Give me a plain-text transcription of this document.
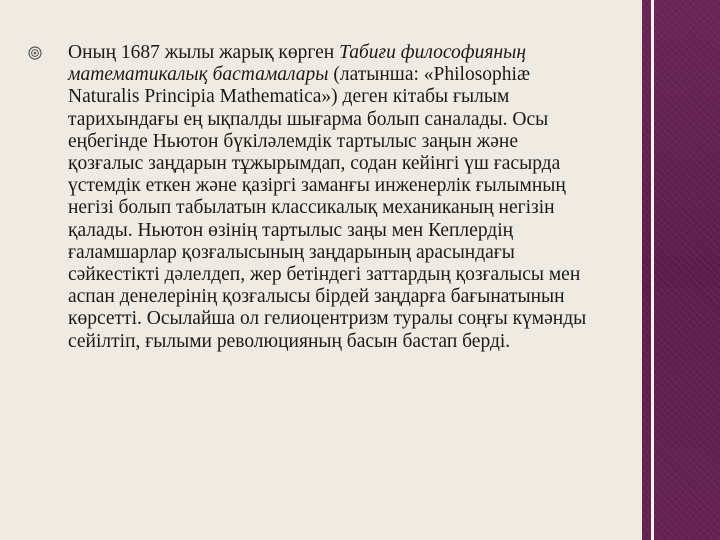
Оның 1687 жылы жарық көрген Табиғи философияның математикалық бастамалары (латынша: «Philosophiæ Naturalis Principia Mathematica») деген кітабы ғылым тарихындағы ең ықпалды шығарма болып саналады. Осы еңбегінде Ньютон бүкіләлемдік тартылыс заңын және қозғалыс заңдарын тұжырымдап, содан кейінгі үш ғасырда үстемдік еткен және қазіргі заманғы инженерлік ғылымның негізі болып табылатын классикалық механиканың негізін қалады. Ньютон өзінің тартылыс заңы мен Кеплердің ғаламшарлар қозғалысының заңдарының арасындағы сәйкестікті дәлелдеп, жер бетіндегі заттардың қозғалысы мен аспан денелерінің қозғалысы бірдей заңдарға бағынатынын көрсетті. Осылайша ол гелиоцентризм туралы соңғы күмәнды сейілтіп, ғылыми революцияның басын бастап берді.
